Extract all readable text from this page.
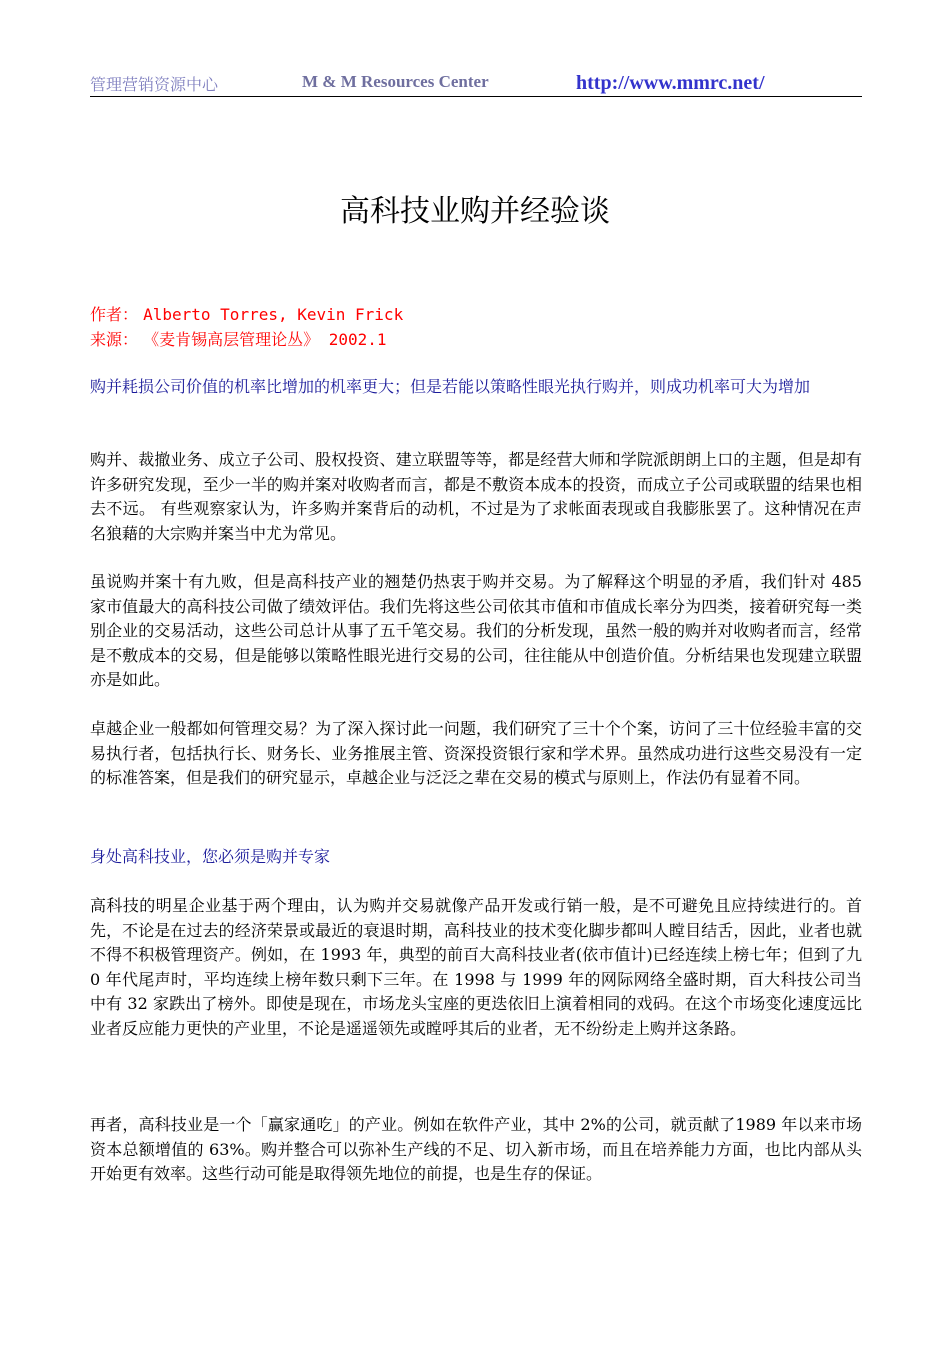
管理营销资源中心	M & M Resources Center	http://www.mmrc.net/
高科技业购并经验谈
作者： Alberto Torres, Kevin Frick
来源： 《麦肯锡高层管理论丛》 2002.1

购并耗损公司价值的机率比增加的机率更大；但是若能以策略性眼光执行购并，则成功机率可大为增加

购并、裁撤业务、成立子公司、股权投资、建立联盟等等，都是经营大师和学院派朗朗上口的主题，但是却有许多研究发现，至少一半的购并案对收购者而言，都是不敷资本成本的投资，而成立子公司或联盟的结果也相去不远。 有些观察家认为，许多购并案背后的动机，不过是为了求帐面表现或自我膨胀罢了。这种情况在声名狼藉的大宗购并案当中尤为常见。

虽说购并案十有九败，但是高科技产业的翘楚仍热衷于购并交易。为了解释这个明显的矛盾，我们针对 485 家市值最大的高科技公司做了绩效评估。我们先将这些公司依其市值和市值成长率分为四类，接着研究每一类别企业的交易活动，这些公司总计从事了五千笔交易。我们的分析发现，虽然一般的购并对收购者而言，经常是不敷成本的交易，但是能够以策略性眼光进行交易的公司，往往能从中创造价值。分析结果也发现建立联盟亦是如此。

卓越企业一般都如何管理交易？为了深入探讨此一问题，我们研究了三十个个案，访问了三十位经验丰富的交易执行者，包括执行长、财务长、业务推展主管、资深投资银行家和学术界。虽然成功进行这些交易没有一定的标准答案，但是我们的研究显示，卓越企业与泛泛之辈在交易的模式与原则上，作法仍有显着不同。

身处高科技业，您必须是购并专家

高科技的明星企业基于两个理由，认为购并交易就像产品开发或行销一般，是不可避免且应持续进行的。首先，不论是在过去的经济荣景或最近的衰退时期，高科技业的技术变化脚步都叫人瞠目结舌，因此，业者也就不得不积极管理资产。例如，在 1993 年，典型的前百大高科技业者(依市值计)已经连续上榜七年；但到了九 0 年代尾声时，平均连续上榜年数只剩下三年。在 1998 与 1999 年的网际网络全盛时期，百大科技公司当中有 32 家跌出了榜外。即使是现在，市场龙头宝座的更迭依旧上演着相同的戏码。在这个市场变化速度远比业者反应能力更快的产业里，不论是遥遥领先或瞠呼其后的业者，无不纷纷走上购并这条路。

再者，高科技业是一个「赢家通吃」的产业。例如在软件产业，其中 2%的公司，就贡献了1989 年以来市场资本总额增值的 63%。购并整合可以弥补生产线的不足、切入新市场，而且在培养能力方面，也比内部从头开始更有效率。这些行动可能是取得领先地位的前提，也是生存的保证。
